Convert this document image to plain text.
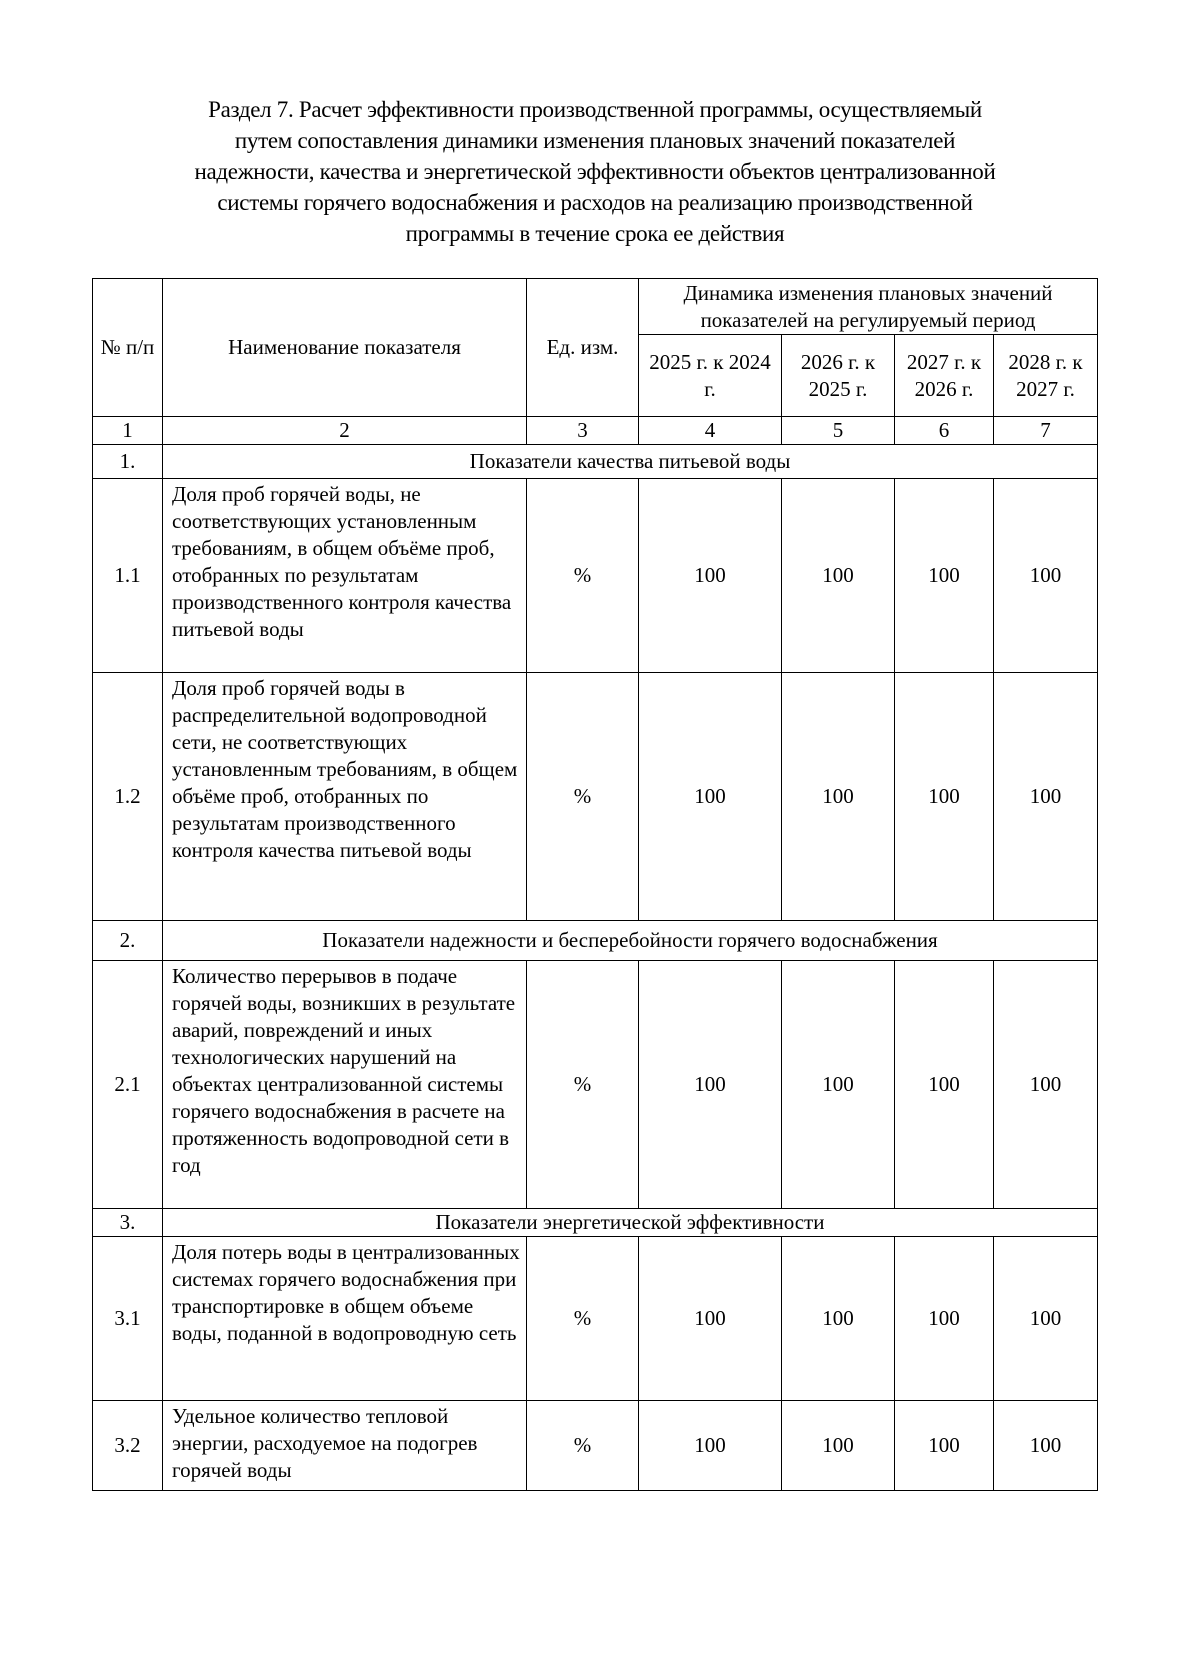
Раздел 7. Расчет эффективности производственной программы, осуществляемый
путем сопоставления динамики изменения плановых значений показателей
надежности, качества и энергетической эффективности объектов централизованной
системы горячего водоснабжения и расходов на реализацию производственной
программы в течение срока ее действия
№ п/п	Наименование показателя	Ед. изм.	Динамика изменения плановых значений показателей на регулируемый период			
			2025 г. к 2024 г.	2026 г. к 2025 г.	2027 г. к 2026 г.	2028 г. к 2027 г.
1	2	3	4	5	6	7
1.	Показатели качества питьевой воды					
1.1	Доля проб горячей воды, не соответствующих установленным требованиям, в общем объёме проб, отобранных по результатам производственного контроля качества питьевой воды	%	100	100	100	100
1.2	Доля проб горячей воды в распределительной водопроводной сети, не соответствующих установленным требованиям, в общем объёме проб, отобранных по результатам производственного контроля качества питьевой воды	%	100	100	100	100
2.	Показатели надежности и бесперебойности горячего водоснабжения					
2.1	Количество перерывов в подаче горячей воды, возникших в результате аварий, повреждений и иных технологических нарушений на объектах централизованной системы горячего водоснабжения в расчете на протяженность водопроводной сети в год	%	100	100	100	100
3.	Показатели энергетической эффективности					
3.1	Доля потерь воды в централизованных системах горячего водоснабжения при транспортировке в общем объеме воды, поданной в водопроводную сеть	%	100	100	100	100
3.2	Удельное количество тепловой энергии, расходуемое на подогрев горячей воды	%	100	100	100	100
